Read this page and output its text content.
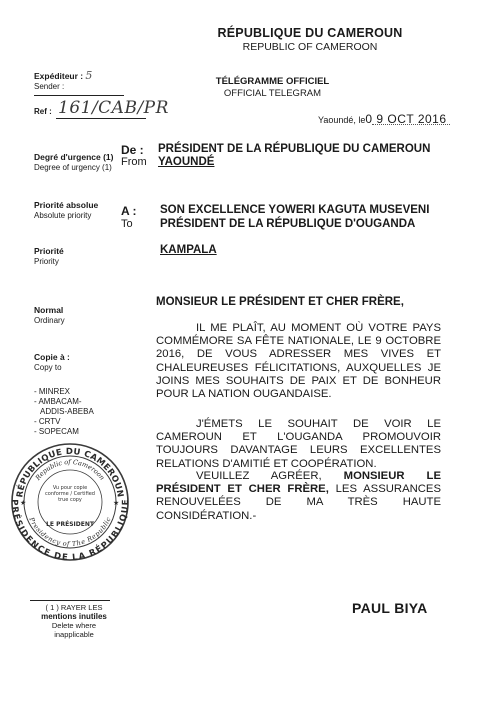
RÉPUBLIQUE DU CAMEROUN
REPUBLIC OF CAMEROON
Expéditeur : 5
Sender :
Ref : 161/CAB/PR
TÉLÉGRAMME OFFICIEL
OFFICIAL TELEGRAM
Yaoundé, le0 9 OCT 2016
Degré d'urgence (1)
Degree of urgency (1)
De :
From
PRÉSIDENT DE LA RÉPUBLIQUE DU CAMEROUN
YAOUNDÉ
Priorité absolue
Absolute priority	A :
To
SON EXCELLENCE YOWERI KAGUTA MUSEVENI
PRÉSIDENT DE LA RÉPUBLIQUE D'OUGANDA
KAMPALA
Priorité
Priority
Normal
Ordinary
Copie à :
Copy to
- MINREX
- AMBACAM-
ADDIS-ABEBA
- CRTV
- SOPECAM
MONSIEUR LE PRÉSIDENT ET CHER FRÈRE,
IL ME PLAÎT, AU MOMENT OÙ VOTRE PAYS COMMÉMORE SA FÊTE NATIONALE, LE 9 OCTOBRE 2016, DE VOUS ADRESSER MES VIVES ET CHALEUREUSES FÉLICITATIONS, AUXQUELLES JE JOINS MES SOUHAITS DE PAIX ET DE BONHEUR POUR LA NATION OUGANDAISE.
J'ÉMETS LE SOUHAIT DE VOIR LE CAMEROUN ET L'OUGANDA PROMOUVOIR TOUJOURS DAVANTAGE LEURS EXCELLENTES RELATIONS D'AMITIÉ ET COOPÉRATION.
VEUILLEZ AGRÉER, MONSIEUR LE PRÉSIDENT ET CHER FRÈRE, LES ASSURANCES RENOUVELÉES DE MA TRÈS HAUTE CONSIDÉRATION.-
PAUL BIYA
RÉPUBLIQUE DU CAMEROUN
PRÉSIDENCE DE LA RÉPUBLIQUE
Republic of Cameroon
Presidency of The Republic
Vu pour copie conforme / Certified true copy
LE PRÉSIDENT
★	★
( 1 ) RAYER LES
mentions inutiles
Delete where
inapplicable
